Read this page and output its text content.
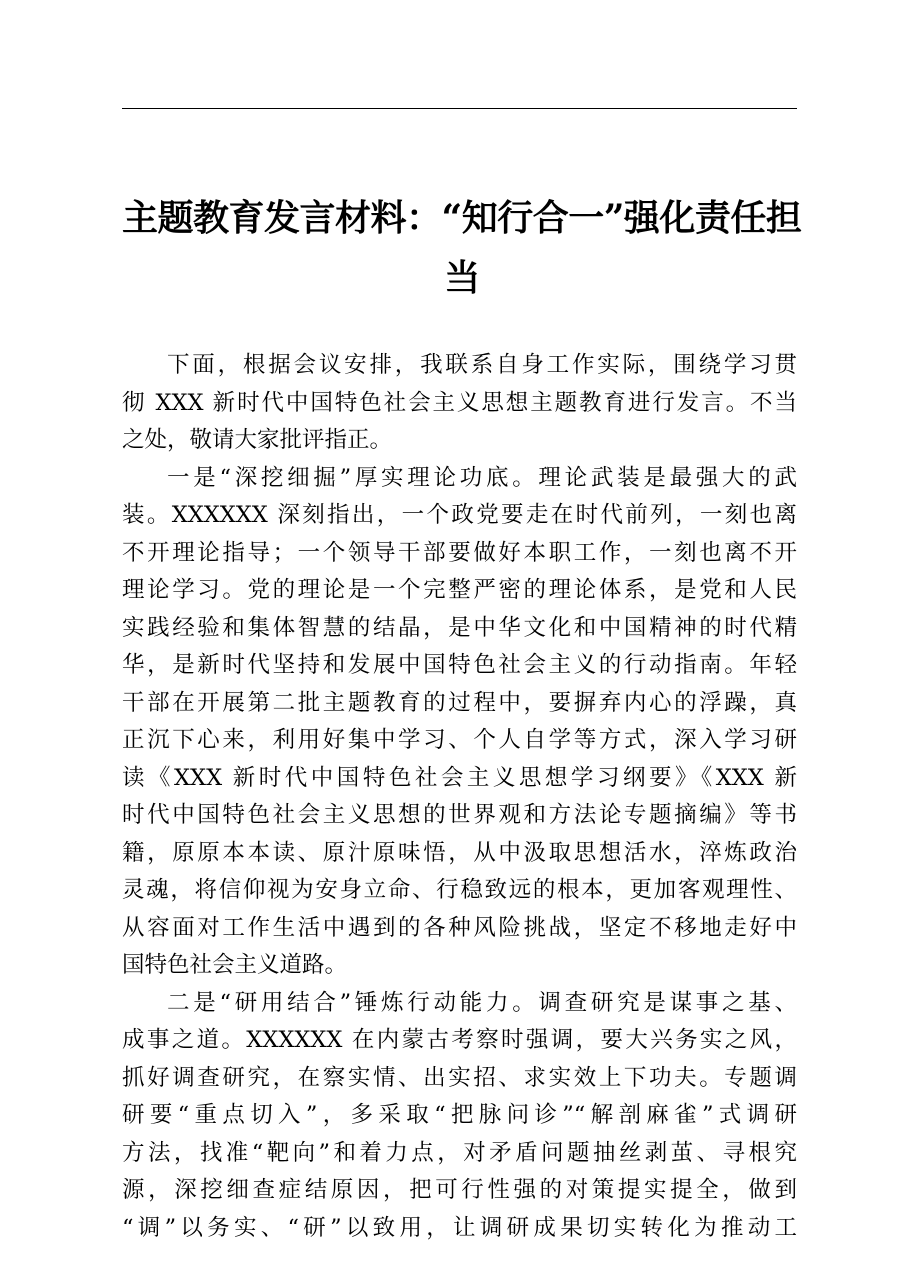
主题教育发言材料：“知行合一”强化责任担
当
下面，根据会议安排，我联系自身工作实际，围绕学习贯
彻 XXX 新时代中国特色社会主义思想主题教育进行发言。不当
之处，敬请大家批评指正。
一是“深挖细掘”厚实理论功底。理论武装是最强大的武
装。XXXXXX 深刻指出，一个政党要走在时代前列，一刻也离
不开理论指导；一个领导干部要做好本职工作，一刻也离不开
理论学习。党的理论是一个完整严密的理论体系，是党和人民
实践经验和集体智慧的结晶，是中华文化和中国精神的时代精
华，是新时代坚持和发展中国特色社会主义的行动指南。年轻
干部在开展第二批主题教育的过程中，要摒弃内心的浮躁，真
正沉下心来，利用好集中学习、个人自学等方式，深入学习研
读《XXX 新时代中国特色社会主义思想学习纲要》《XXX 新
时代中国特色社会主义思想的世界观和方法论专题摘编》等书
籍，原原本本读、原汁原味悟，从中汲取思想活水，淬炼政治
灵魂，将信仰视为安身立命、行稳致远的根本，更加客观理性、
从容面对工作生活中遇到的各种风险挑战，坚定不移地走好中
国特色社会主义道路。
二是“研用结合”锤炼行动能力。调查研究是谋事之基、
成事之道。XXXXXX 在内蒙古考察时强调，要大兴务实之风，
抓好调查研究，在察实情、出实招、求实效上下功夫。专题调
研要“重点切入”，多采取“把脉问诊”“解剖麻雀”式调研
方法，找准“靶向”和着力点，对矛盾问题抽丝剥茧、寻根究
源，深挖细查症结原因，把可行性强的对策提实提全，做到
“调”以务实、“研”以致用，让调研成果切实转化为推动工
